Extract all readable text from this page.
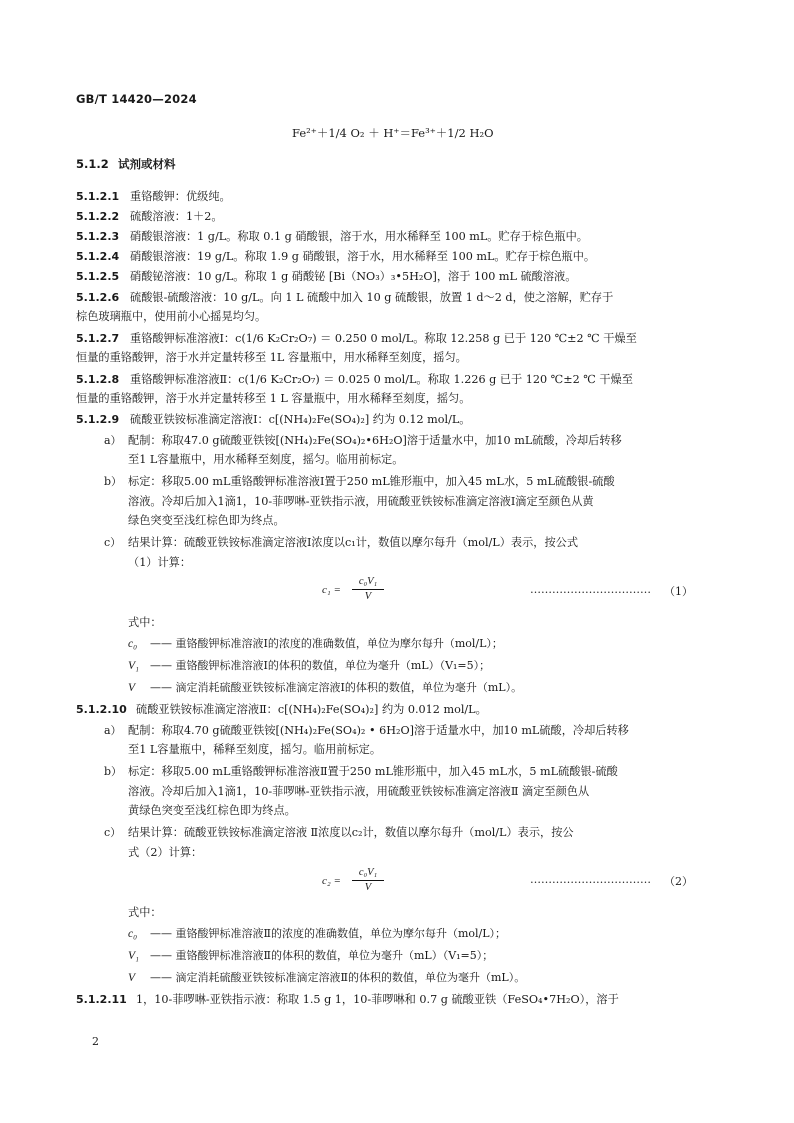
GB/T 14420—2024
Fe²⁺＋1/4 O₂ ＋ H⁺＝Fe³⁺＋1/2 H₂O
5.1.2 试剂或材料
5.1.2.1 重铬酸钾：优级纯。
5.1.2.2 硫酸溶液：1＋2。
5.1.2.3 硝酸银溶液：1 g/L。称取 0.1 g 硝酸银，溶于水，用水稀释至 100 mL。贮存于棕色瓶中。
5.1.2.4 硝酸银溶液：19 g/L。称取 1.9 g 硝酸银，溶于水，用水稀释至 100 mL。贮存于棕色瓶中。
5.1.2.5 硝酸铋溶液：10 g/L。称取 1 g 硝酸铋 [Bi（NO₃）₃•5H₂O]，溶于 100 mL 硫酸溶液。
5.1.2.6 硫酸银-硫酸溶液：10 g/L。向 1 L 硫酸中加入 10 g 硫酸银，放置 1 d～2 d，使之溶解，贮存于
棕色玻璃瓶中，使用前小心摇晃均匀。
5.1.2.7 重铬酸钾标准溶液Ⅰ：c(1/6 K₂Cr₂O₇) ＝ 0.250 0 mol/L。称取 12.258 g 已于 120 ℃±2 ℃ 干燥至
恒量的重铬酸钾，溶于水并定量转移至 1L 容量瓶中，用水稀释至刻度，摇匀。
5.1.2.8 重铬酸钾标准溶液Ⅱ：c(1/6 K₂Cr₂O₇) ＝ 0.025 0 mol/L。称取 1.226 g 已于 120 ℃±2 ℃ 干燥至
恒量的重铬酸钾，溶于水并定量转移至 1 L 容量瓶中，用水稀释至刻度，摇匀。
5.1.2.9 硫酸亚铁铵标准滴定溶液Ⅰ：c[(NH₄)₂Fe(SO₄)₂] 约为 0.12 mol/L。
a） 配制：称取47.0 g硫酸亚铁铵[(NH₄)₂Fe(SO₄)₂•6H₂O]溶于适量水中，加10 mL硫酸，冷却后转移
至1 L容量瓶中，用水稀释至刻度，摇匀。临用前标定。
b） 标定：移取5.00 mL重铬酸钾标准溶液Ⅰ置于250 mL锥形瓶中，加入45 mL水，5 mL硫酸银-硫酸
溶液。冷却后加入1滴1，10-菲啰啉-亚铁指示液，用硫酸亚铁铵标准滴定溶液Ⅰ滴定至颜色从黄
绿色突变至浅红棕色即为终点。
c） 结果计算：硫酸亚铁铵标准滴定溶液Ⅰ浓度以c₁计，数值以摩尔每升（mol/L）表示，按公式
（1）计算：
c₁ =
c₀V₁
V
…………………………… （1）
式中：
c₀ —— 重铬酸钾标准溶液Ⅰ的浓度的准确数值，单位为摩尔每升（mol/L）；
V₁ —— 重铬酸钾标准溶液Ⅰ的体积的数值，单位为毫升（mL）（V₁=5）；
V —— 滴定消耗硫酸亚铁铵标准滴定溶液Ⅰ的体积的数值，单位为毫升（mL）。
5.1.2.10 硫酸亚铁铵标准滴定溶液Ⅱ：c[(NH₄)₂Fe(SO₄)₂] 约为 0.012 mol/L。
a） 配制：称取4.70 g硫酸亚铁铵[(NH₄)₂Fe(SO₄)₂ • 6H₂O]溶于适量水中，加10 mL硫酸，冷却后转移
至1 L容量瓶中，稀释至刻度，摇匀。临用前标定。
b） 标定：移取5.00 mL重铬酸钾标准溶液Ⅱ置于250 mL锥形瓶中，加入45 mL水，5 mL硫酸银-硫酸
溶液。冷却后加入1滴1，10-菲啰啉-亚铁指示液，用硫酸亚铁铵标准滴定溶液Ⅱ 滴定至颜色从
黄绿色突变至浅红棕色即为终点。
c） 结果计算：硫酸亚铁铵标准滴定溶液 Ⅱ浓度以c₂计，数值以摩尔每升（mol/L）表示，按公
式（2）计算：
c₂ =
c₀V₁
V
…………………………… （2）
式中：
c₀ —— 重铬酸钾标准溶液Ⅱ的浓度的准确数值，单位为摩尔每升（mol/L）；
V₁ —— 重铬酸钾标准溶液Ⅱ的体积的数值，单位为毫升（mL）（V₁=5）；
V —— 滴定消耗硫酸亚铁铵标准滴定溶液Ⅱ的体积的数值，单位为毫升（mL）。
5.1.2.11 1，10-菲啰啉-亚铁指示液：称取 1.5 g 1，10-菲啰啉和 0.7 g 硫酸亚铁（FeSO₄•7H₂O），溶于
2
